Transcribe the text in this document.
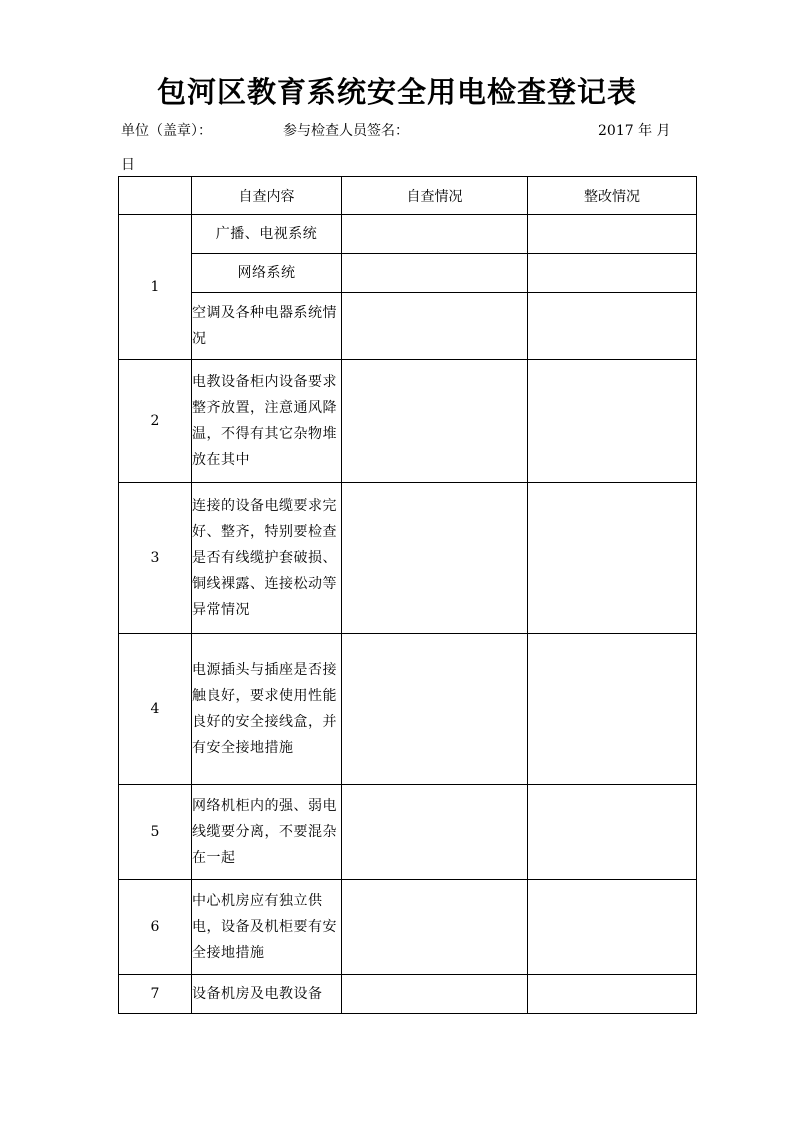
包河区教育系统安全用电检查登记表
单位（盖章）：	参与检查人员签名：	2017 年 月
日
	自查内容	自查情况	整改情况
1	广播、电视系统		
	网络系统		
	空调及各种电器系统情况		
2	电教设备柜内设备要求整齐放置，注意通风降温，不得有其它杂物堆放在其中		
3	连接的设备电缆要求完好、整齐，特别要检查是否有线缆护套破损、铜线裸露、连接松动等异常情况		
4	电源插头与插座是否接触良好，要求使用性能良好的安全接线盒，并有安全接地措施		
5	网络机柜内的强、弱电线缆要分离，不要混杂在一起		
6	中心机房应有独立供电，设备及机柜要有安全接地措施		
7	设备机房及电教设备		
